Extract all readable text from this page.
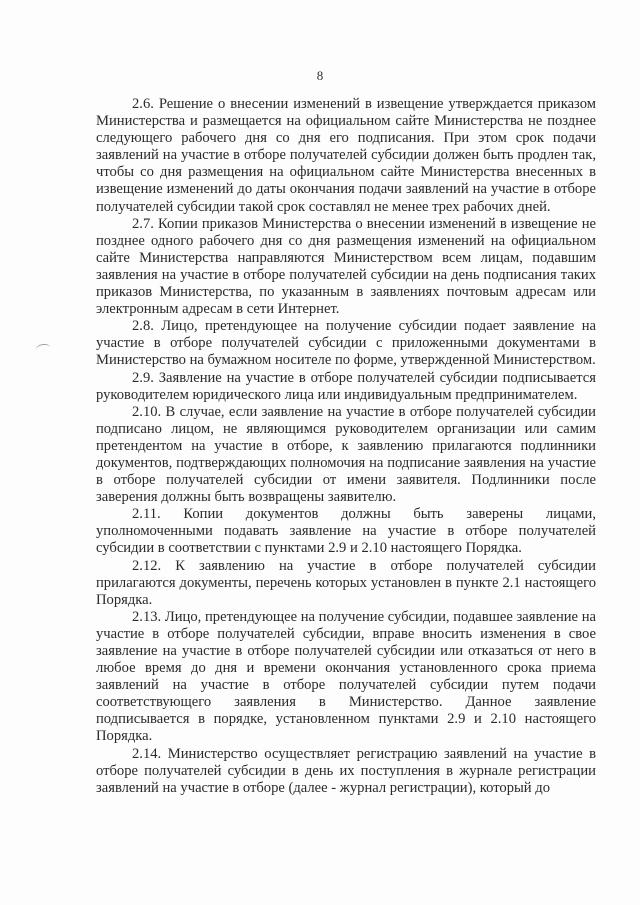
8

2.6. Решение о внесении изменений в извещение утверждается приказом Министерства и размещается на официальном сайте Министерства не позднее следующего рабочего дня со дня его подписания. При этом срок подачи заявлений на участие в отборе получателей субсидии должен быть продлен так, чтобы со дня размещения на официальном сайте Министерства внесенных в извещение изменений до даты окончания подачи заявлений на участие в отборе получателей субсидии такой срок составлял не менее трех рабочих дней.

2.7. Копии приказов Министерства о внесении изменений в извещение не позднее одного рабочего дня со дня размещения изменений на официальном сайте Министерства направляются Министерством всем лицам, подавшим заявления на участие в отборе получателей субсидии на день подписания таких приказов Министерства, по указанным в заявлениях почтовым адресам или электронным адресам в сети Интернет.

2.8. Лицо, претендующее на получение субсидии подает заявление на участие в отборе получателей субсидии с приложенными документами в Министерство на бумажном носителе по форме, утвержденной Министерством.

2.9. Заявление на участие в отборе получателей субсидии подписывается руководителем юридического лица или индивидуальным предпринимателем.

2.10. В случае, если заявление на участие в отборе получателей субсидии подписано лицом, не являющимся руководителем организации или самим претендентом на участие в отборе, к заявлению прилагаются подлинники документов, подтверждающих полномочия на подписание заявления на участие в отборе получателей субсидии от имени заявителя. Подлинники после заверения должны быть возвращены заявителю.

2.11. Копии документов должны быть заверены лицами, уполномоченными подавать заявление на участие в отборе получателей субсидии в соответствии с пунктами 2.9 и 2.10 настоящего Порядка.

2.12. К заявлению на участие в отборе получателей субсидии прилагаются документы, перечень которых установлен в пункте 2.1 настоящего Порядка.

2.13. Лицо, претендующее на получение субсидии, подавшее заявление на участие в отборе получателей субсидии, вправе вносить изменения в свое заявление на участие в отборе получателей субсидии или отказаться от него в любое время до дня и времени окончания установленного срока приема заявлений на участие в отборе получателей субсидии путем подачи соответствующего заявления в Министерство. Данное заявление подписывается в порядке, установленном пунктами 2.9 и 2.10 настоящего Порядка.

2.14. Министерство осуществляет регистрацию заявлений на участие в отборе получателей субсидии в день их поступления в журнале регистрации заявлений на участие в отборе (далее - журнал регистрации), который до
